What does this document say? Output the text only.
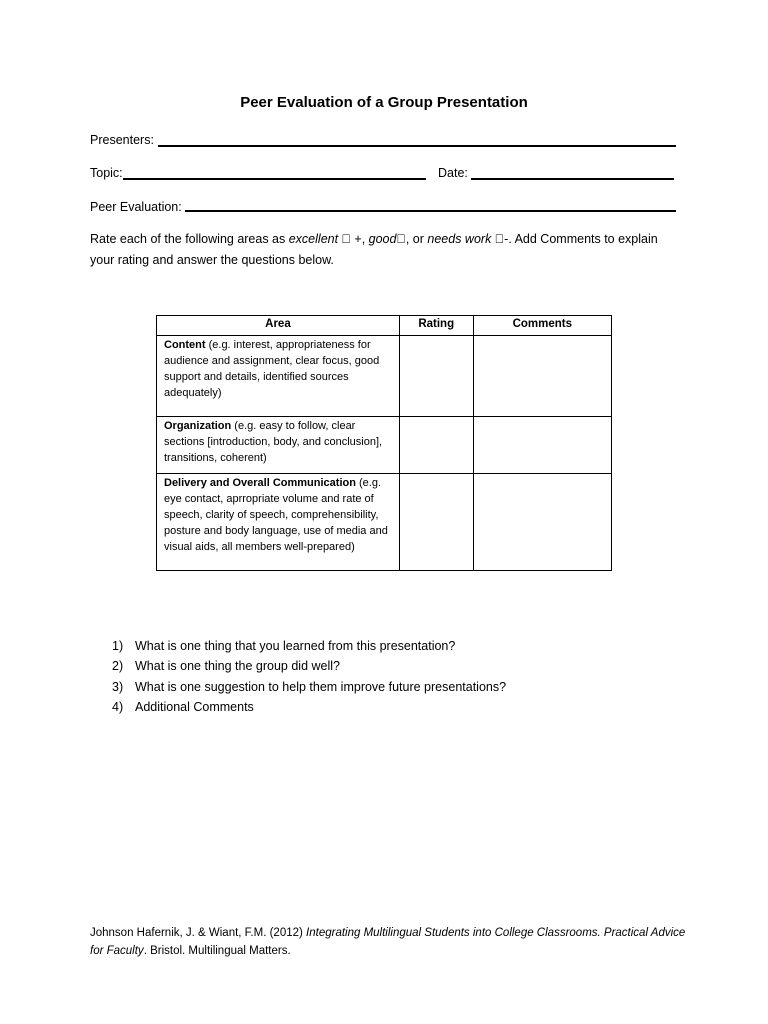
Peer Evaluation of a Group Presentation
Presenters:
Topic:	Date:
Peer Evaluation:
Rate each of the following areas as excellent   +, good , or needs work  -. Add Comments to explain your rating and answer the questions below.
Area	Rating	Comments
Content (e.g. interest, appropriateness for audience and assignment, clear focus, good support and details, identified sources adequately)		
Organization (e.g. easy to follow, clear sections [introduction, body, and conclusion], transitions, coherent)		
Delivery and Overall Communication (e.g. eye contact, aprropriate volume and rate of speech, clarity of speech, comprehensibility, posture and body language, use of media and visual aids, all members well-prepared)		
1) What is one thing that you learned from this presentation?
2) What is one thing the group did well?
3) What is one suggestion to help them improve future presentations?
4) Additional Comments
Johnson Hafernik, J. & Wiant, F.M. (2012) Integrating Multilingual Students into College Classrooms. Practical Advice for Faculty. Bristol. Multilingual Matters.
